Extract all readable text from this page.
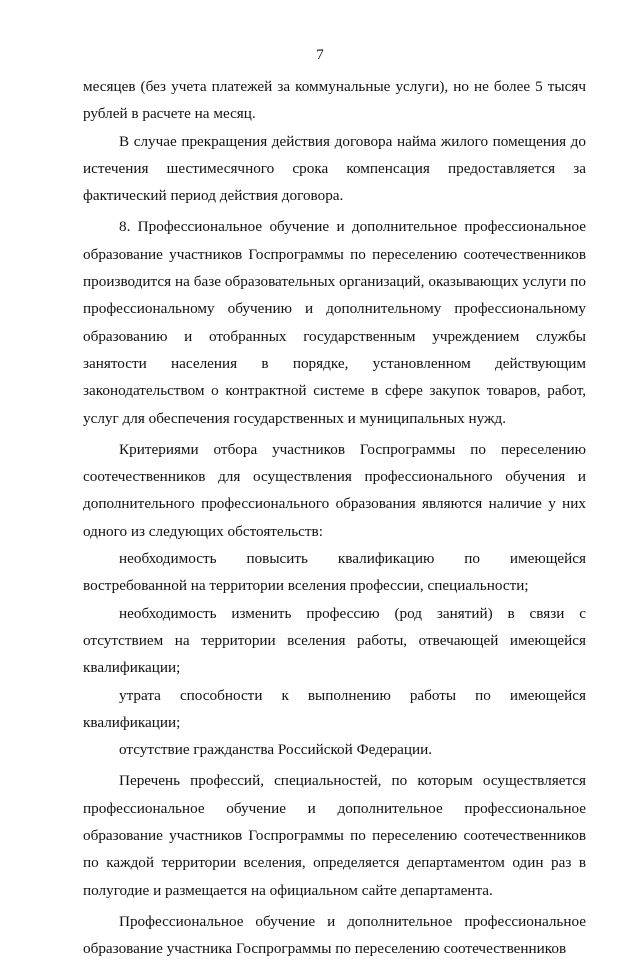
7

месяцев (без учета платежей за коммунальные услуги), но не более 5 тысяч рублей в расчете на месяц.

В случае прекращения действия договора найма жилого помещения до истечения шестимесячного срока компенсация предоставляется за фактический период действия договора.

8. Профессиональное обучение и дополнительное профессиональное образование участников Госпрограммы по переселению соотечественников производится на базе образовательных организаций, оказывающих услуги по профессиональному обучению и дополнительному профессиональному образованию и отобранных государственным учреждением службы занятости населения в порядке, установленном действующим законодательством о контрактной системе в сфере закупок товаров, работ, услуг для обеспечения государственных и муниципальных нужд.

Критериями отбора участников Госпрограммы по переселению соотечественников для осуществления профессионального обучения и дополнительного профессионального образования являются наличие у них одного из следующих обстоятельств:

необходимость повысить квалификацию по имеющейся востребованной на территории вселения профессии, специальности;

необходимость изменить профессию (род занятий) в связи с отсутствием на территории вселения работы, отвечающей имеющейся квалификации;

утрата способности к выполнению работы по имеющейся квалификации;

отсутствие гражданства Российской Федерации.

Перечень профессий, специальностей, по которым осуществляется профессиональное обучение и дополнительное профессиональное образование участников Госпрограммы по переселению соотечественников по каждой территории вселения, определяется департаментом один раз в полугодие и размещается на официальном сайте департамента.

Профессиональное обучение и дополнительное профессиональное образование участника Госпрограммы по переселению соотечественников
